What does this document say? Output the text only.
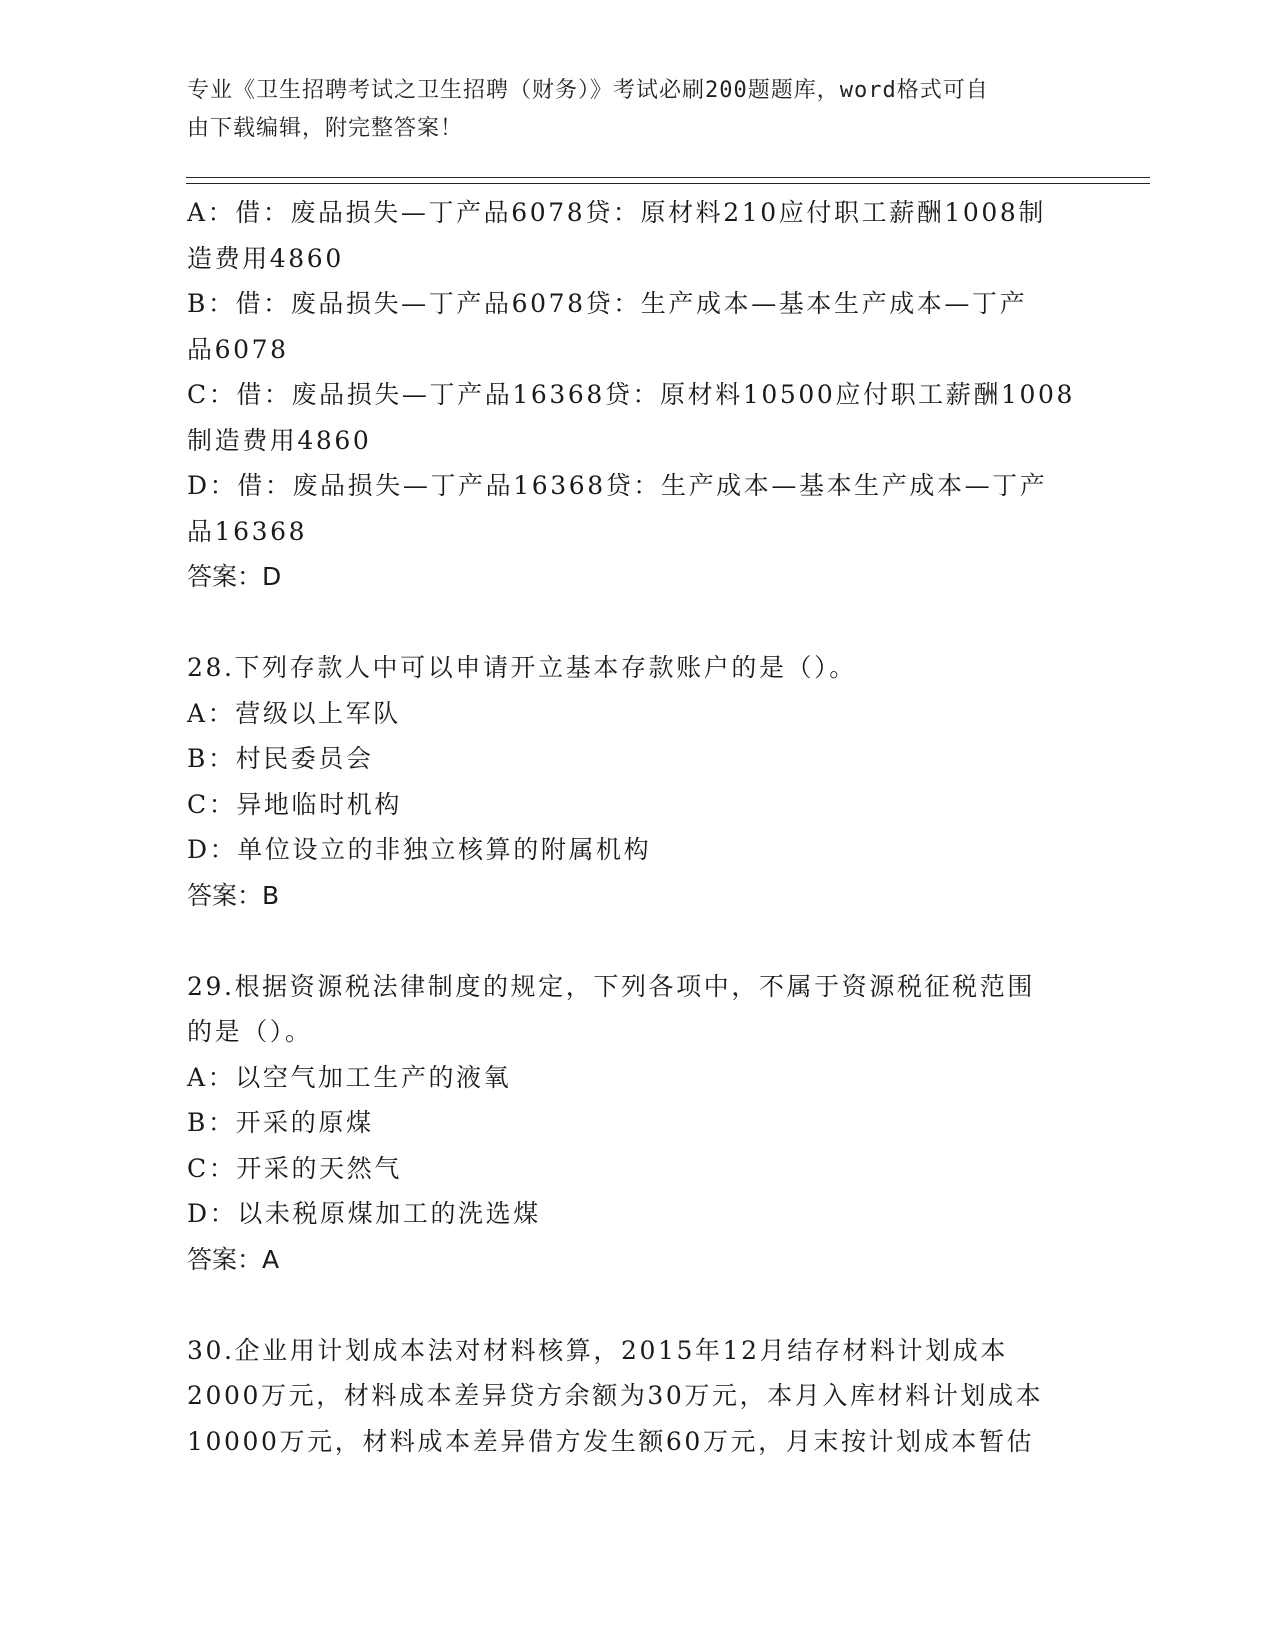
专业《卫生招聘考试之卫生招聘（财务）》考试必刷200题题库，word格式可自
由下载编辑，附完整答案！
A：借：废品损失—丁产品6078贷：原材料210应付职工薪酬1008制
造费用4860
B：借：废品损失—丁产品6078贷：生产成本—基本生产成本—丁产
品6078
C：借：废品损失—丁产品16368贷：原材料10500应付职工薪酬1008
制造费用4860
D：借：废品损失—丁产品16368贷：生产成本—基本生产成本—丁产
品16368
答案：D
28.下列存款人中可以申请开立基本存款账户的是（）。
A：营级以上军队
B：村民委员会
C：异地临时机构
D：单位设立的非独立核算的附属机构
答案：B
29.根据资源税法律制度的规定，下列各项中，不属于资源税征税范围
的是（）。
A：以空气加工生产的液氧
B：开采的原煤
C：开采的天然气
D：以未税原煤加工的洗选煤
答案：A
30.企业用计划成本法对材料核算，2015年12月结存材料计划成本
2000万元，材料成本差异贷方余额为30万元，本月入库材料计划成本
10000万元，材料成本差异借方发生额60万元，月末按计划成本暂估
